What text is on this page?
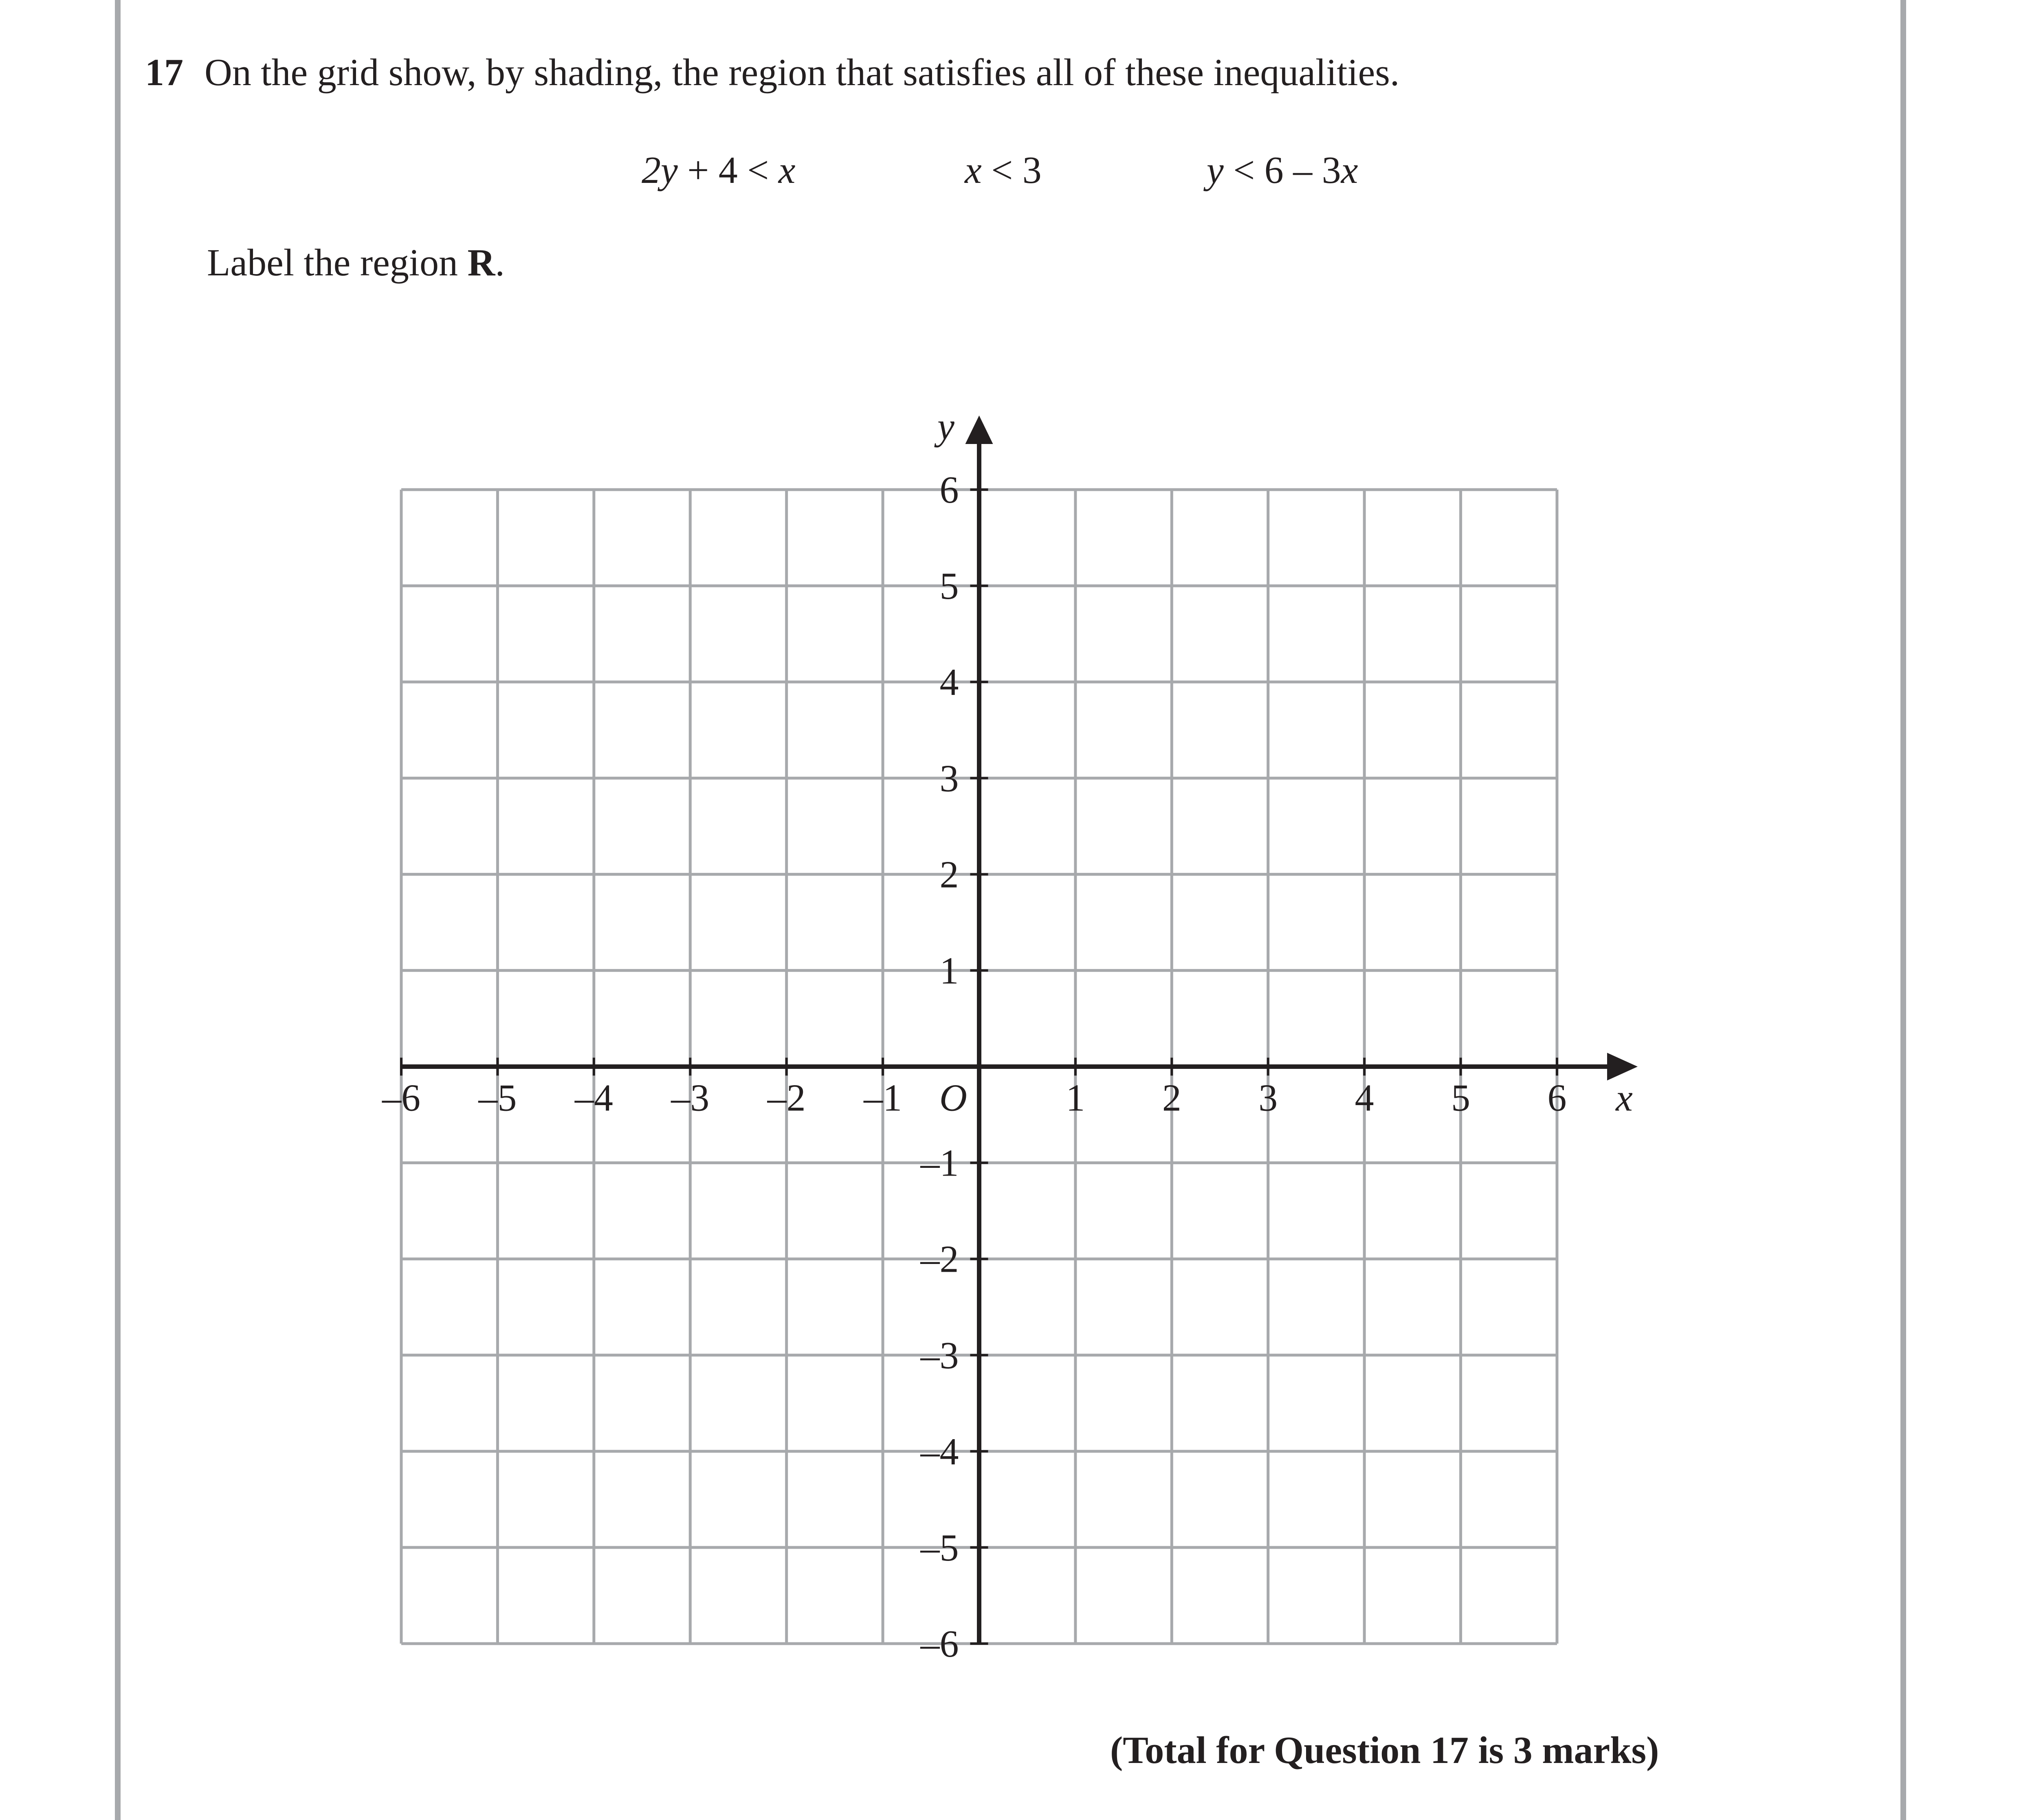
17 On the grid show, by shading, the region that satisfies all of these inequalities.
2y + 4 < x	x < 3	y < 6 – 3x
Label the region R.
–6 –5 –4 –3 –2 –1	1 2 3 4 5 6
6
5
4
3
2
1
–1
–2
–3
–4
–5
–6
x
y
O
(Total for Question 17 is 3 marks)
